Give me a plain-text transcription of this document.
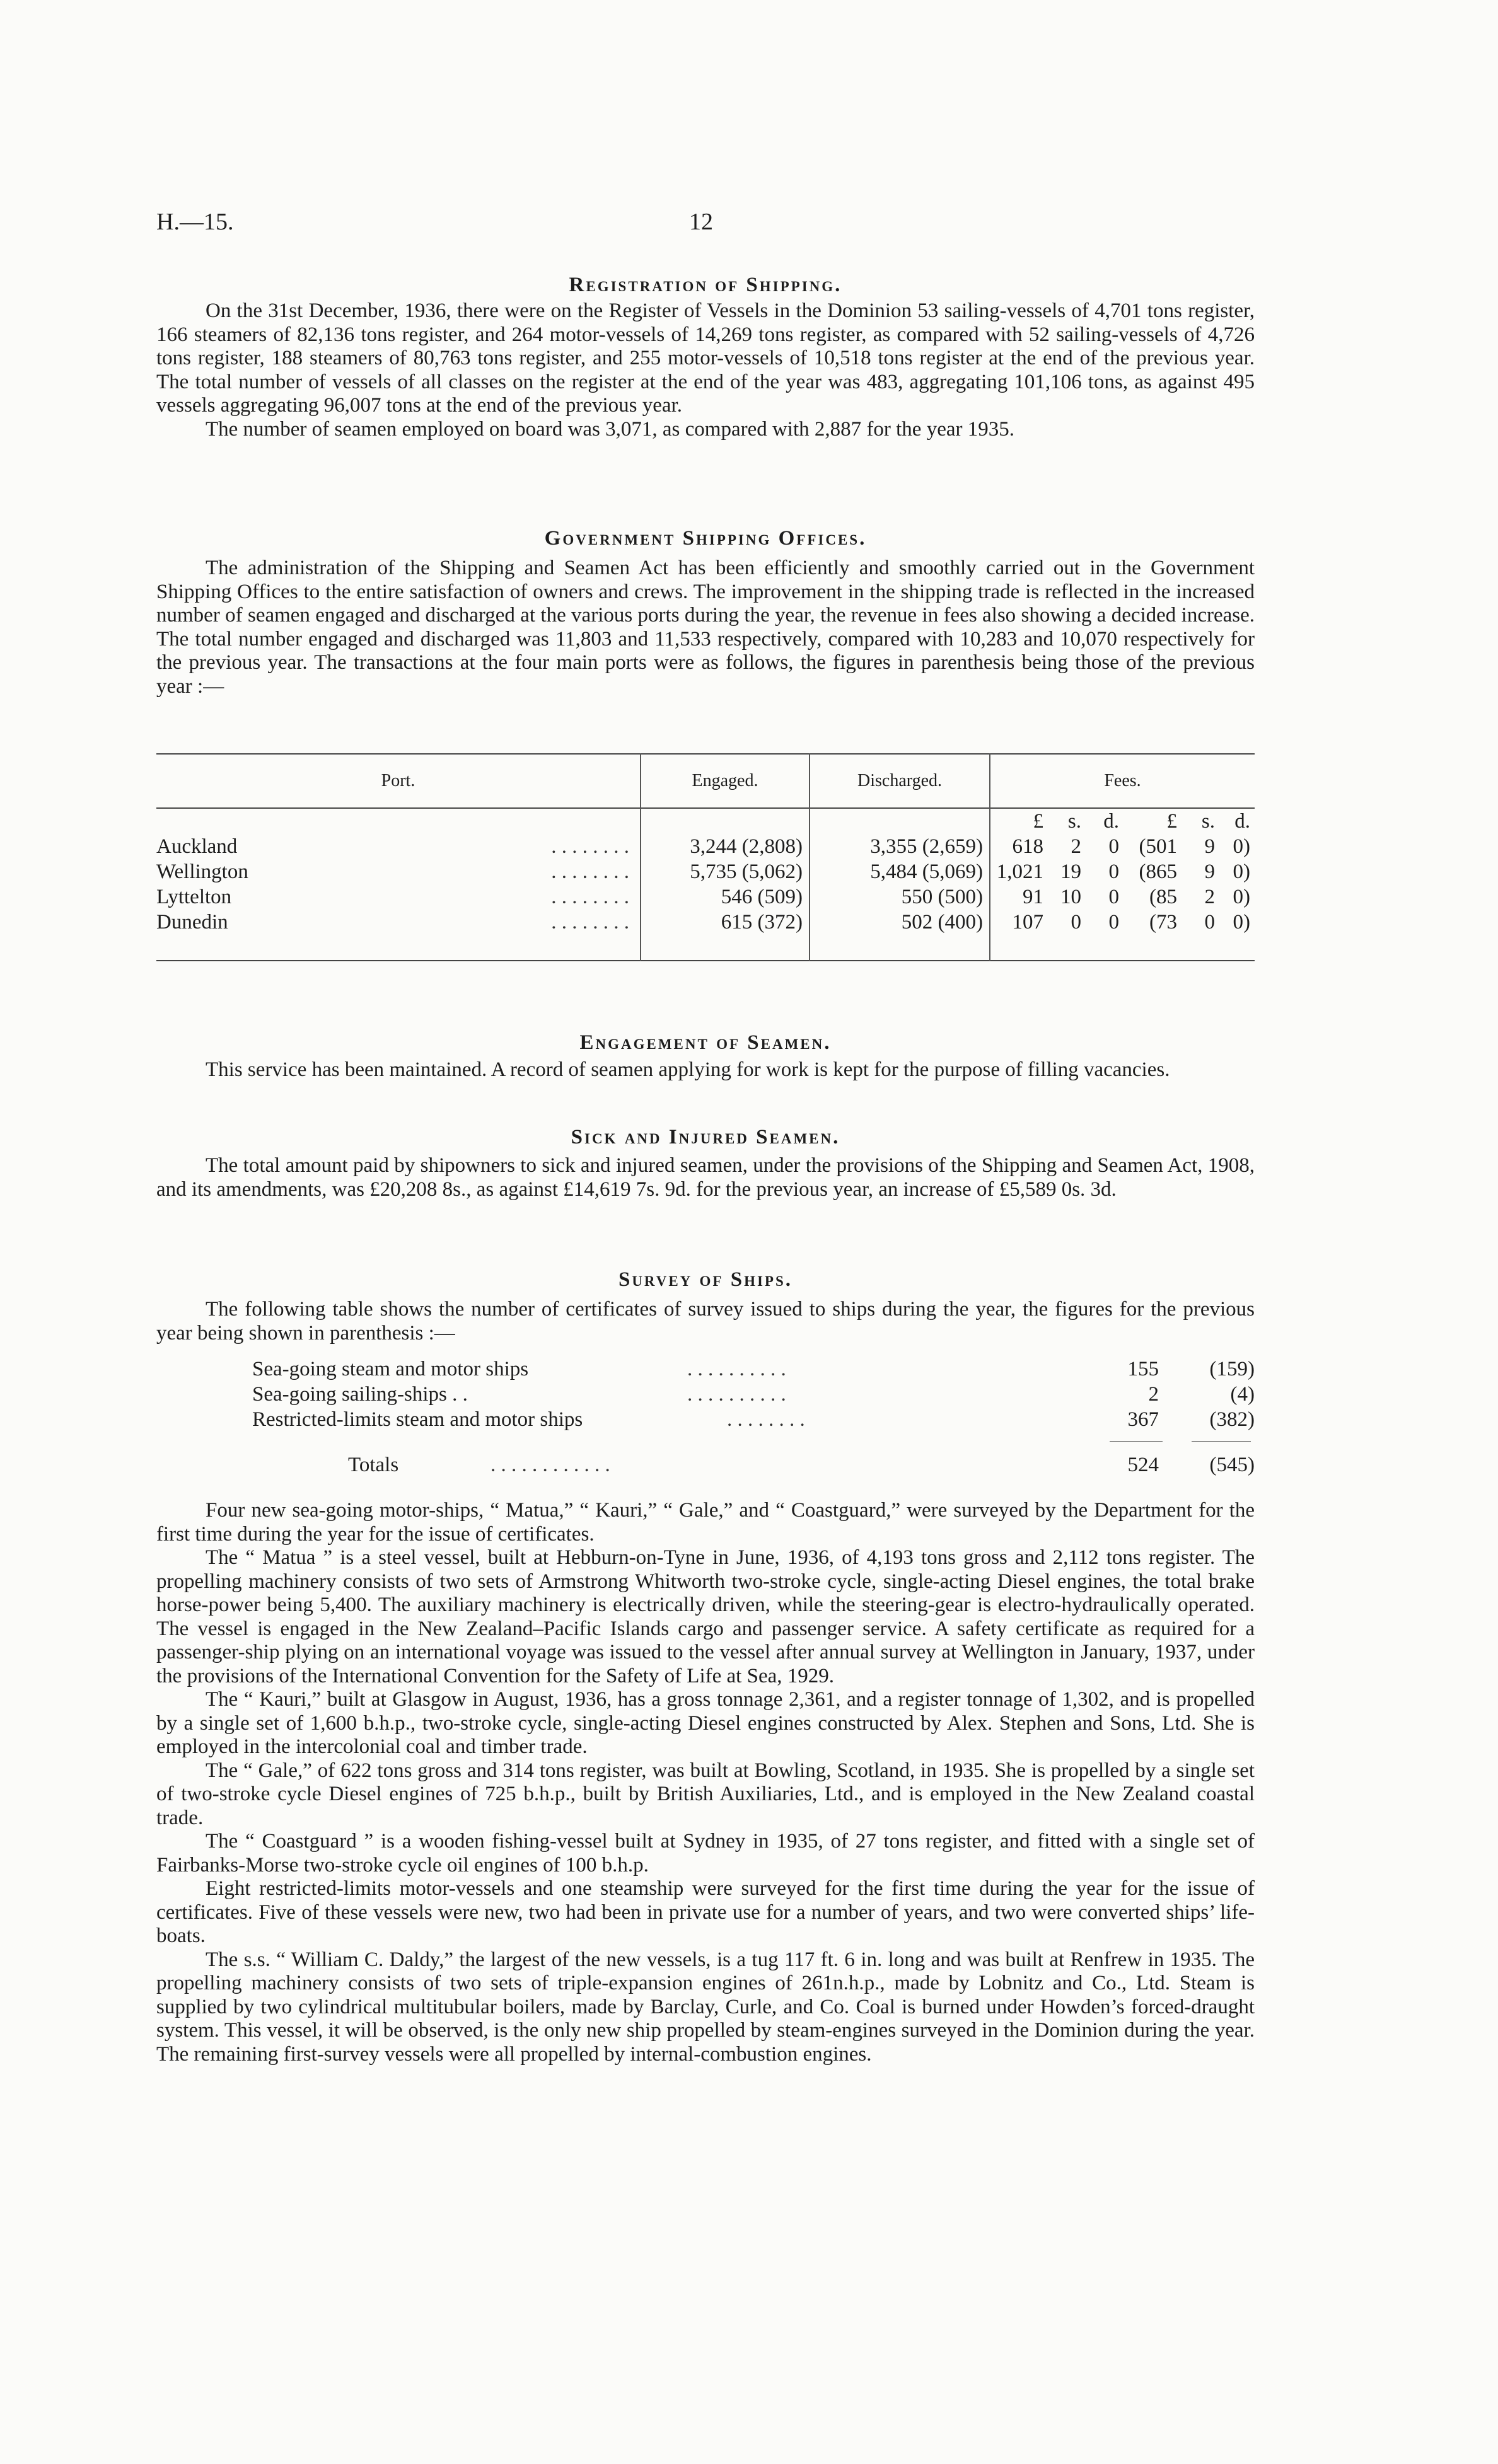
H.—15.	12
Registration of Shipping.

On the 31st December, 1936, there were on the Register of Vessels in the Dominion 53 sailing-vessels of 4,701 tons register, 166 steamers of 82,136 tons register, and 264 motor-vessels of 14,269 tons register, as compared with 52 sailing-vessels of 4,726 tons register, 188 steamers of 80,763 tons register, and 255 motor-vessels of 10,518 tons register at the end of the previous year. The total number of vessels of all classes on the register at the end of the year was 483, aggregating 101,106 tons, as against 495 vessels aggregating 96,007 tons at the end of the previous year.

The number of seamen employed on board was 3,071, as compared with 2,887 for the year 1935.

Government Shipping Offices.

The administration of the Shipping and Seamen Act has been efficiently and smoothly carried out in the Government Shipping Offices to the entire satisfaction of owners and crews. The improvement in the shipping trade is reflected in the increased number of seamen engaged and discharged at the various ports during the year, the revenue in fees also showing a decided increase. The total number engaged and discharged was 11,803 and 11,533 respectively, compared with 10,283 and 10,070 respectively for the previous year. The transactions at the four main ports were as follows, the figures in parenthesis being those of the previous year :—

Port.	Engaged.	Discharged.	Fees.
			£ s. d. £ s. d.
Auckland . . . . . . . .	3,244 (2,808)	3,355 (2,659)	618 2 0 (501 9 0)
Wellington . . . . . . . .	5,735 (5,062)	5,484 (5,069)	1,021 19 0 (865 9 0)
Lyttelton . . . . . . . .	546 (509)	550 (500)	91 10 0 (85 2 0)
Dunedin . . . . . . . .	615 (372)	502 (400)	107 0 0 (73 0 0)

Engagement of Seamen.

This service has been maintained. A record of seamen applying for work is kept for the purpose of filling vacancies.

Sick and Injured Seamen.

The total amount paid by shipowners to sick and injured seamen, under the provisions of the Shipping and Seamen Act, 1908, and its amendments, was £20,208 8s., as against £14,619 7s. 9d. for the previous year, an increase of £5,589 0s. 3d.

Survey of Ships.

The following table shows the number of certificates of survey issued to ships during the year, the figures for the previous year being shown in parenthesis :—

Sea-going steam and motor ships	. . . . . . . . . .	155	(159)
Sea-going sailing-ships . .	. . . . . . . . . .	2	(4)
Restricted-limits steam and motor ships	. . . . . . . .	367	(382)
Totals	. . . . . . . . . . . .	524	(545)

Four new sea-going motor-ships, “ Matua,” “ Kauri,” “ Gale,” and “ Coastguard,” were surveyed by the Department for the first time during the year for the issue of certificates.

The “ Matua ” is a steel vessel, built at Hebburn-on-Tyne in June, 1936, of 4,193 tons gross and 2,112 tons register. The propelling machinery consists of two sets of Armstrong Whitworth two-stroke cycle, single-acting Diesel engines, the total brake horse-power being 5,400. The auxiliary machinery is electrically driven, while the steering-gear is electro-hydraulically operated. The vessel is engaged in the New Zealand–Pacific Islands cargo and passenger service. A safety certificate as required for a passenger-ship plying on an international voyage was issued to the vessel after annual survey at Wellington in January, 1937, under the provisions of the International Convention for the Safety of Life at Sea, 1929.

The “ Kauri,” built at Glasgow in August, 1936, has a gross tonnage 2,361, and a register tonnage of 1,302, and is propelled by a single set of 1,600 b.h.p., two-stroke cycle, single-acting Diesel engines constructed by Alex. Stephen and Sons, Ltd. She is employed in the intercolonial coal and timber trade.

The “ Gale,” of 622 tons gross and 314 tons register, was built at Bowling, Scotland, in 1935. She is propelled by a single set of two-stroke cycle Diesel engines of 725 b.h.p., built by British Auxiliaries, Ltd., and is employed in the New Zealand coastal trade.

The “ Coastguard ” is a wooden fishing-vessel built at Sydney in 1935, of 27 tons register, and fitted with a single set of Fairbanks-Morse two-stroke cycle oil engines of 100 b.h.p.

Eight restricted-limits motor-vessels and one steamship were surveyed for the first time during the year for the issue of certificates. Five of these vessels were new, two had been in private use for a number of years, and two were converted ships’ life-boats.

The s.s. “ William C. Daldy,” the largest of the new vessels, is a tug 117 ft. 6 in. long and was built at Renfrew in 1935. The propelling machinery consists of two sets of triple-expansion engines of 261n.h.p., made by Lobnitz and Co., Ltd. Steam is supplied by two cylindrical multitubular boilers, made by Barclay, Curle, and Co. Coal is burned under Howden’s forced-draught system. This vessel, it will be observed, is the only new ship propelled by steam-engines surveyed in the Dominion during the year. The remaining first-survey vessels were all propelled by internal-combustion engines.
